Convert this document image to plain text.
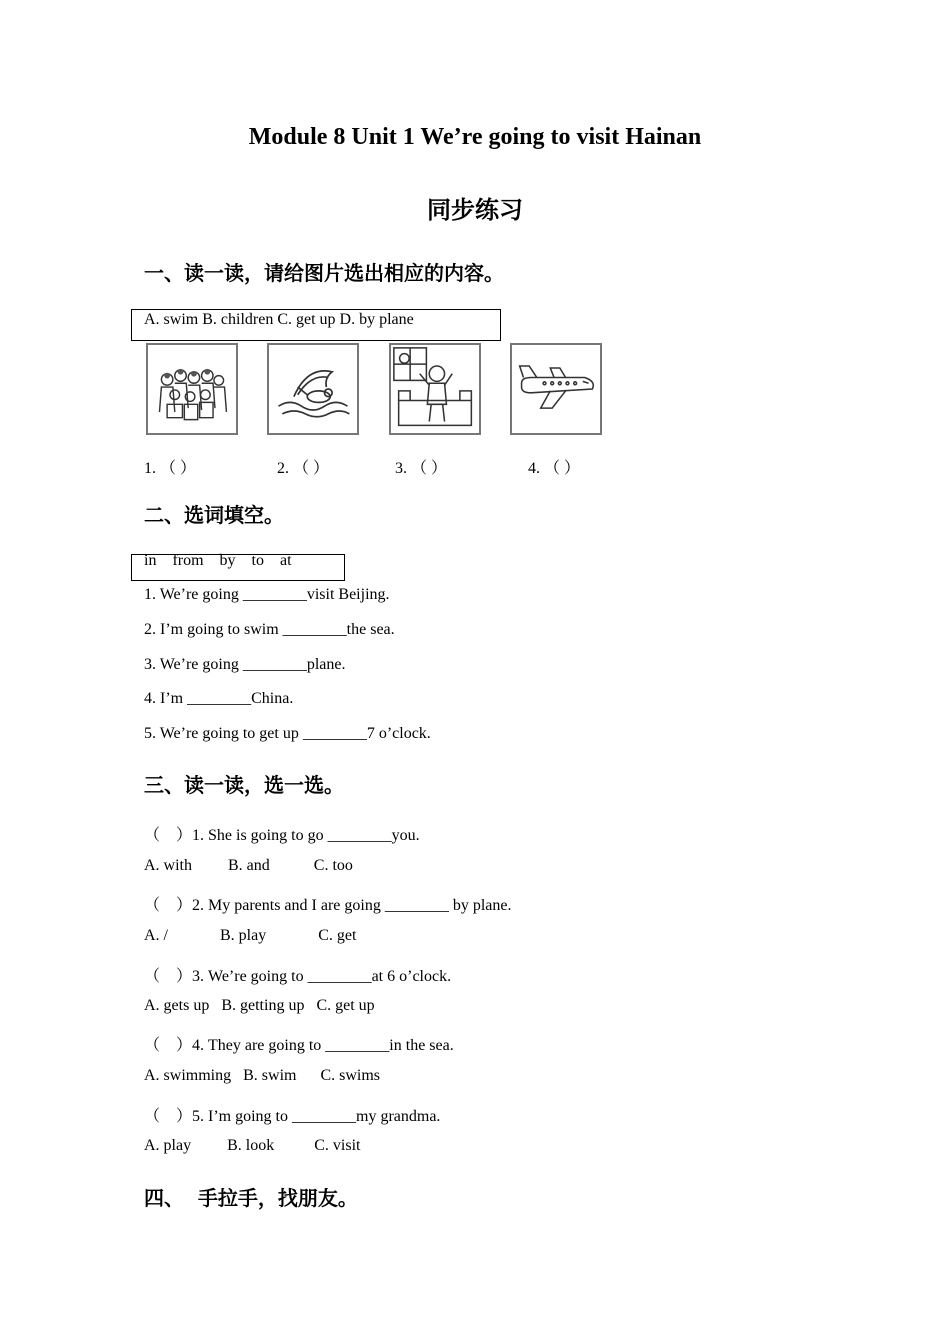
Module 8 Unit 1 We’re going to visit Hainan
同步练习
一、读一读，请给图片选出相应的内容。
A. swim B. children C. get up D. by plane
1. （ ）	2. （ ）	3. （ ）	4. （ ）
二、选词填空。
in    from    by    to    at
1. We’re going ________visit Beijing.
2. I’m going to swim ________the sea.
3. We’re going ________plane.
4. I’m ________China.
5. We’re going to get up ________7 o’clock.
三、读一读，选一选。
（    ）1. She is going to go ________you.
A. with         B. and           C. too
（    ）2. My parents and I are going ________ by plane.
A. /             B. play             C. get
（    ）3. We’re going to ________at 6 o’clock.
A. gets up   B. getting up   C. get up
（    ）4. They are going to ________in the sea.
A. swimming   B. swim      C. swims
（    ）5. I’m going to ________my grandma.
A. play         B. look          C. visit
四、  手拉手，找朋友。
